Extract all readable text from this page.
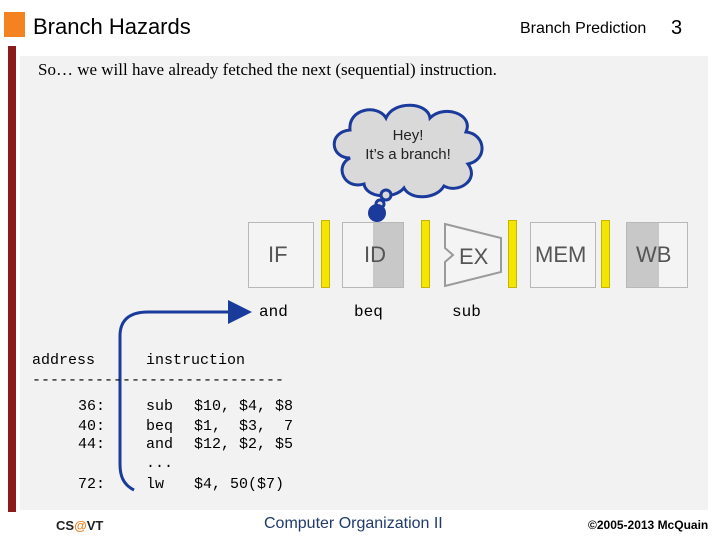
Branch Hazards	Branch Prediction 3
So… we will have already fetched the next (sequential) instruction.
Hey!
It’s a branch!
IF	ID	EX MEM WB
and	beq	sub
address	instruction
----------------------------
36:	sub $10, $4, $8
40:	beq $1,  $3,  7
44:	and $12, $2, $5
...
72:	lw $4, 50($7)
CS@VT	Computer Organization II	©2005-2013 McQuain
